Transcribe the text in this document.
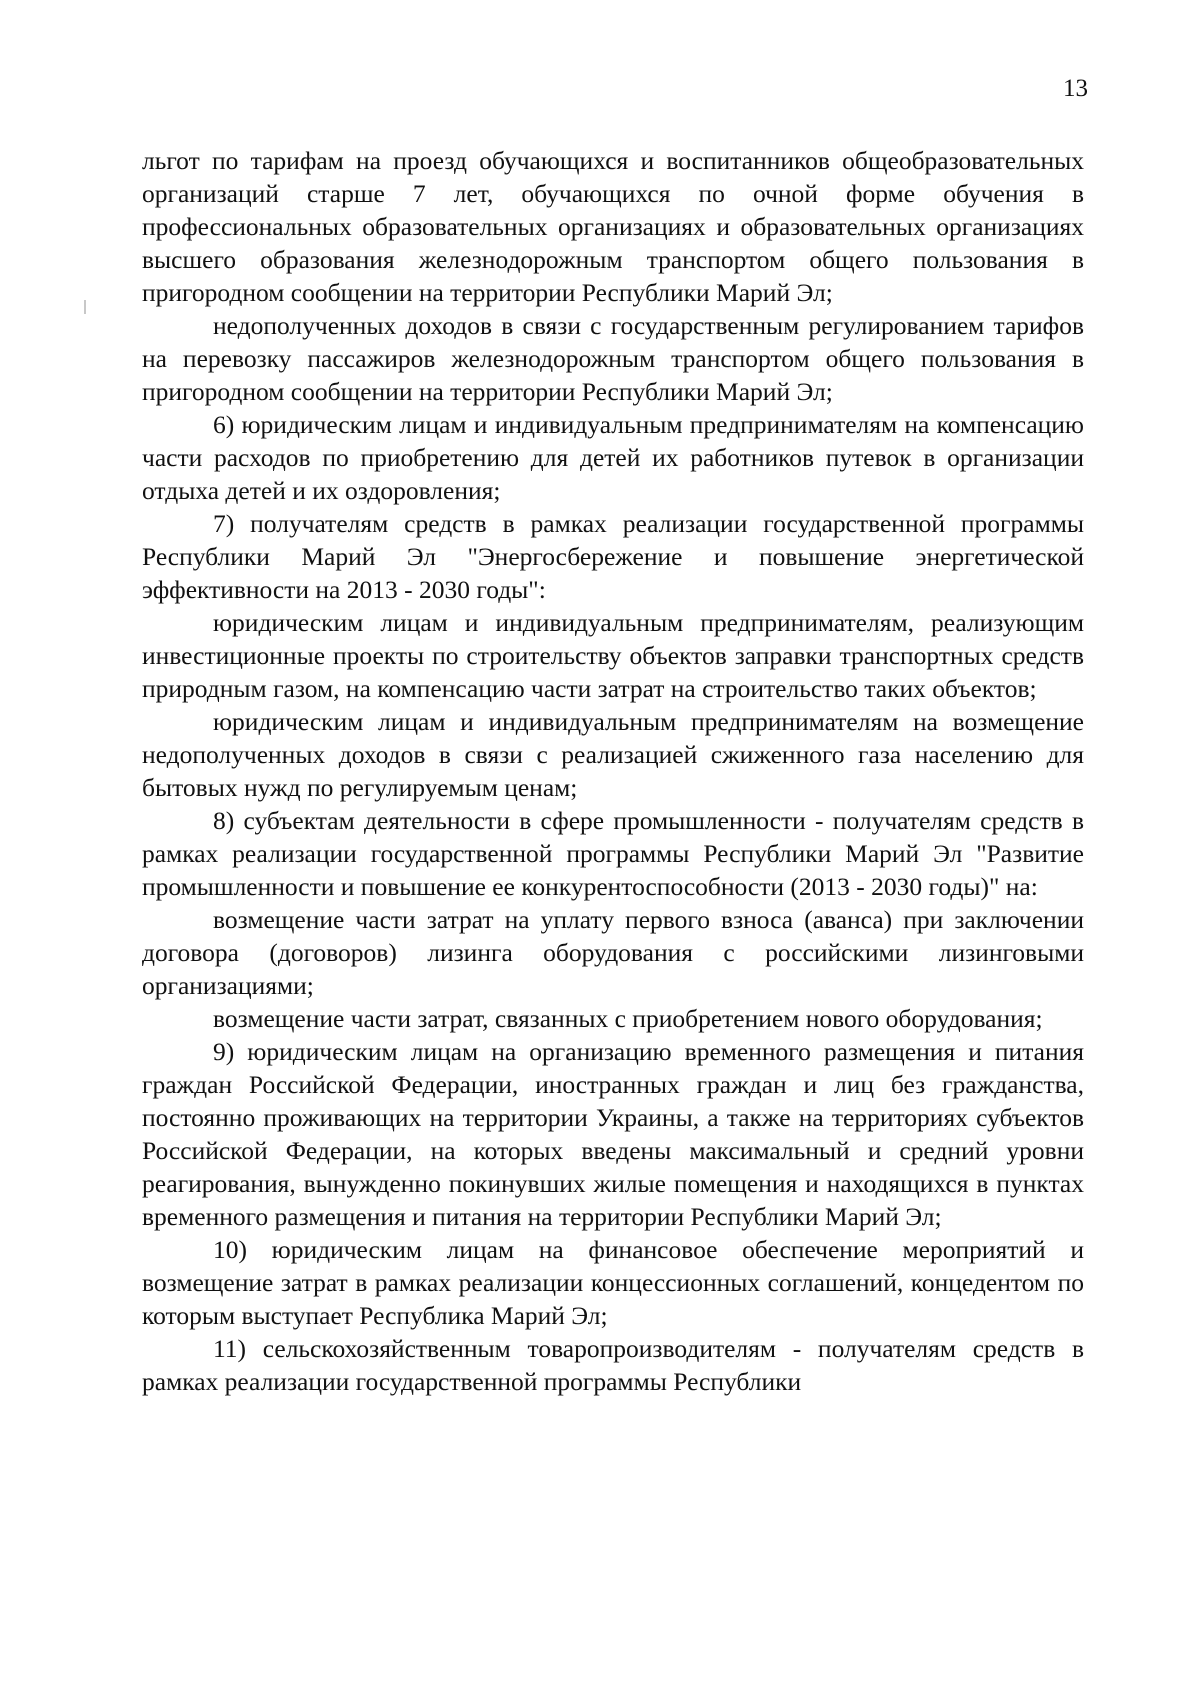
13

льгот по тарифам на проезд обучающихся и воспитанников общеобразовательных организаций старше 7 лет, обучающихся по очной форме обучения в профессиональных образовательных организациях и образовательных организациях высшего образования железнодорожным транспортом общего пользования в пригородном сообщении на территории Республики Марий Эл;

недополученных доходов в связи с государственным регулированием тарифов на перевозку пассажиров железнодорожным транспортом общего пользования в пригородном сообщении на территории Республики Марий Эл;

6) юридическим лицам и индивидуальным предпринимателям на компенсацию части расходов по приобретению для детей их работников путевок в организации отдыха детей и их оздоровления;

7) получателям средств в рамках реализации государственной программы Республики Марий Эл "Энергосбережение и повышение энергетической эффективности на 2013 - 2030 годы":

юридическим лицам и индивидуальным предпринимателям, реализующим инвестиционные проекты по строительству объектов заправки транспортных средств природным газом, на компенсацию части затрат на строительство таких объектов;

юридическим лицам и индивидуальным предпринимателям на возмещение недополученных доходов в связи с реализацией сжиженного газа населению для бытовых нужд по регулируемым ценам;

8) субъектам деятельности в сфере промышленности - получателям средств в рамках реализации государственной программы Республики Марий Эл "Развитие промышленности и повышение ее конкурентоспособности (2013 - 2030 годы)" на:

возмещение части затрат на уплату первого взноса (аванса) при заключении договора (договоров) лизинга оборудования с российскими лизинговыми организациями;

возмещение части затрат, связанных с приобретением нового оборудования;

9) юридическим лицам на организацию временного размещения и питания граждан Российской Федерации, иностранных граждан и лиц без гражданства, постоянно проживающих на территории Украины, а также на территориях субъектов Российской Федерации, на которых введены максимальный и средний уровни реагирования, вынужденно покинувших жилые помещения и находящихся в пунктах временного размещения и питания на территории Республики Марий Эл;

10) юридическим лицам на финансовое обеспечение мероприятий и возмещение затрат в рамках реализации концессионных соглашений, концедентом по которым выступает Республика Марий Эл;

11) сельскохозяйственным товаропроизводителям - получателям средств в рамках реализации государственной программы Республики
